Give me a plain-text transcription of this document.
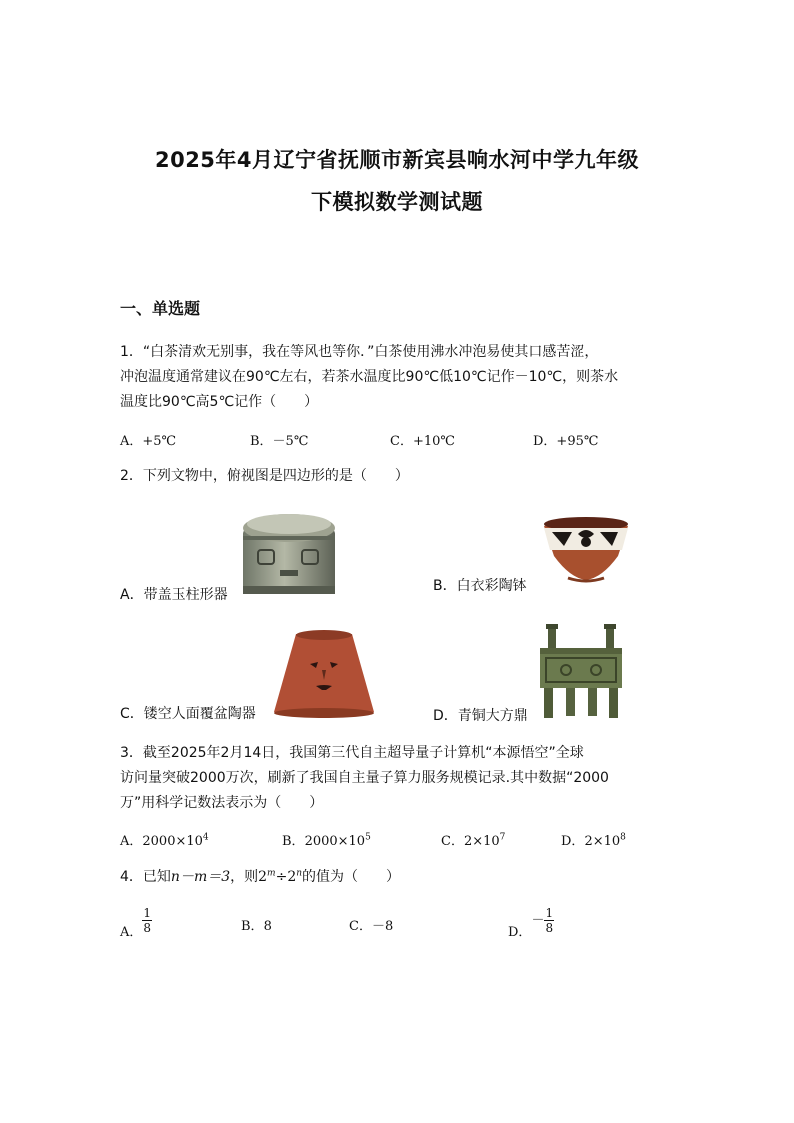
2025年4月辽宁省抚顺市新宾县响水河中学九年级
下模拟数学测试题
一、单选题
1．“白茶清欢无别事，我在等风也等你．”白茶使用沸水冲泡易使其口感苦涩，
冲泡温度通常建议在90℃左右，若茶水温度比90℃低10℃记作－10℃，则茶水
温度比90℃高5℃记作（　　）
A．+5℃	B．－5℃	C．+10℃	D．+95℃
2．下列文物中，俯视图是四边形的是（　　）
A．带盖玉柱形器
B．白衣彩陶钵
C．镂空人面覆盆陶器	D．青铜大方鼎
3．截至2025年2月14日，我国第三代自主超导量子计算机“本源悟空”全球
访问量突破2000万次，刷新了我国自主量子算力服务规模记录.其中数据“2000
万”用科学记数法表示为（　　）
A．$2000\times 10^4$	B．$2000\times 10^5$	C．$2\times 10^7$	D．$2\times 10^8$
4．已知n－m＝3，则$2^m\div 2^n$的值为（　　）
A． $\frac{1}{8}$	B．8	C．－8	D．－ $\frac{1}{8}$
